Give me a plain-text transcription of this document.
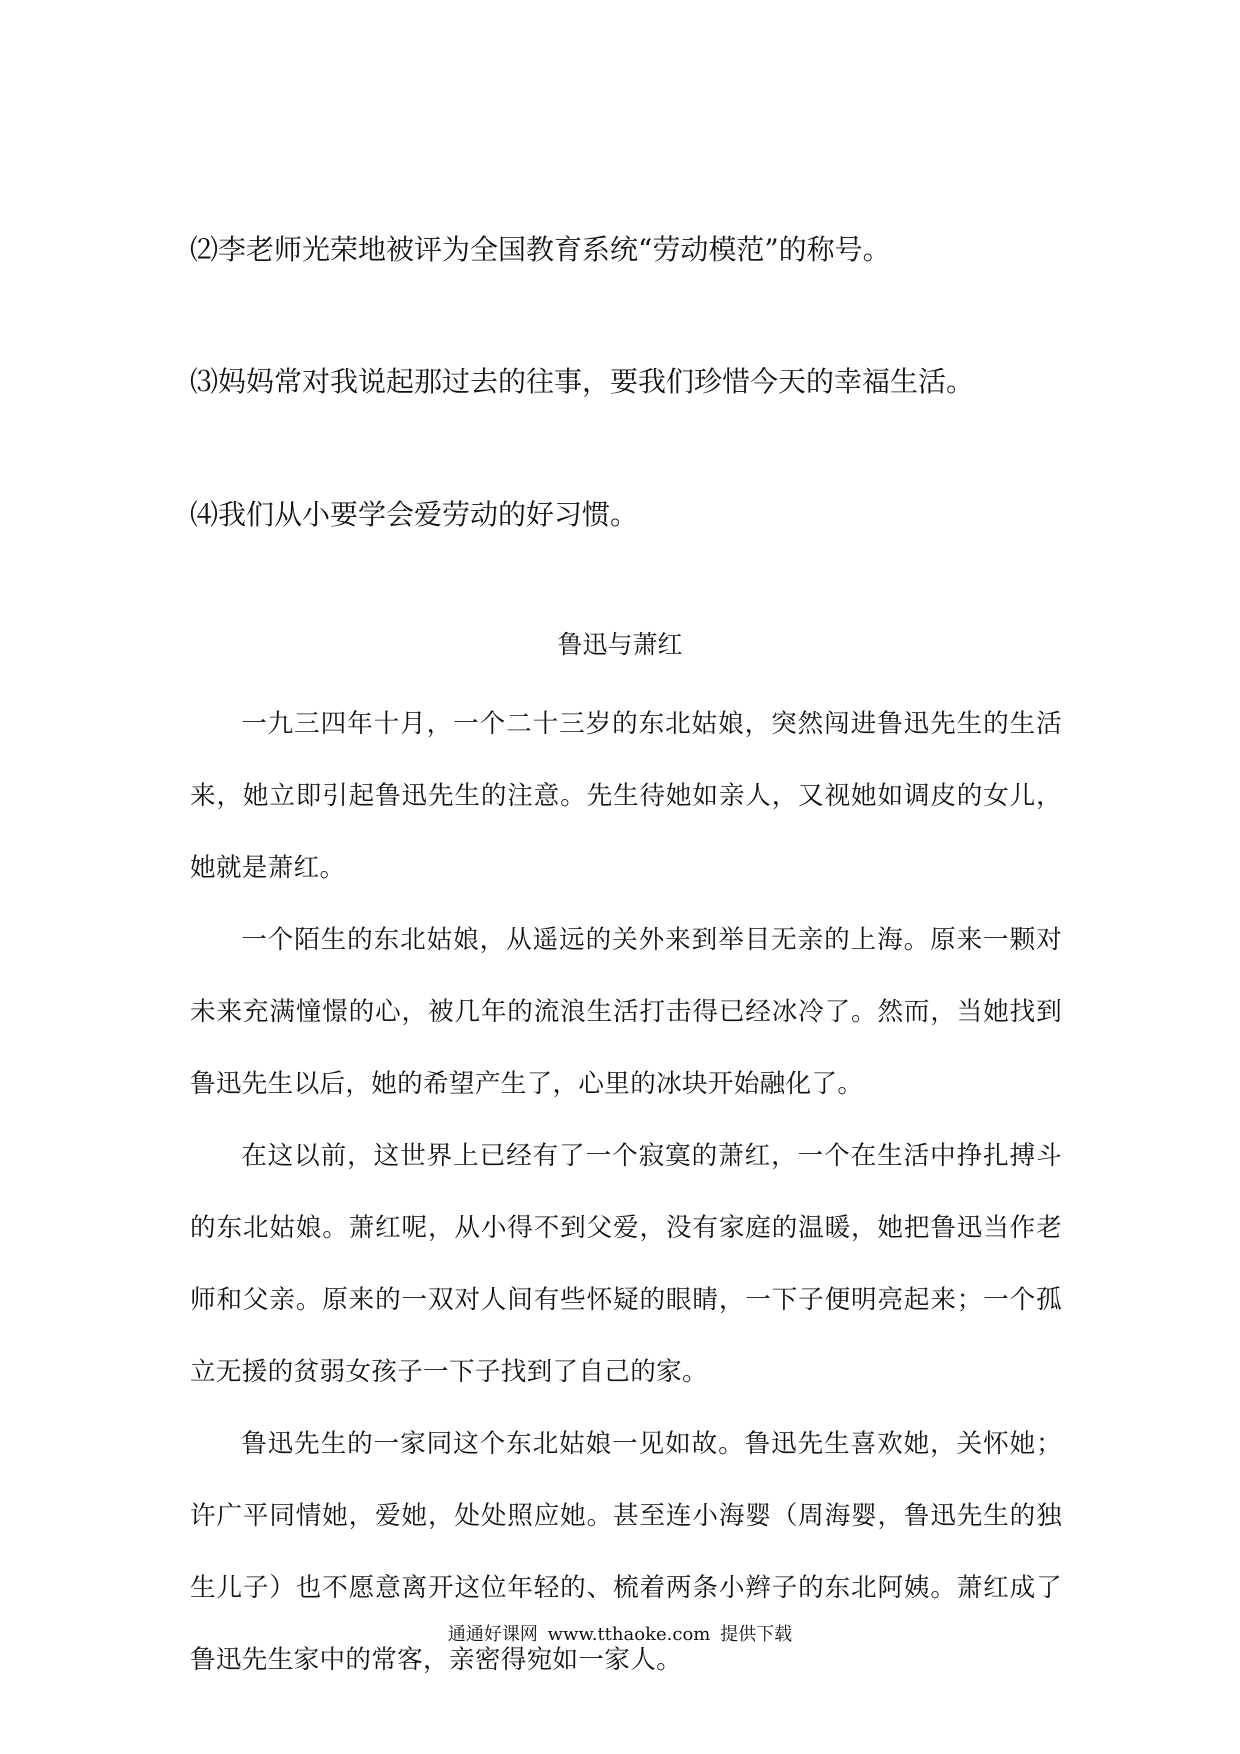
⑵李老师光荣地被评为全国教育系统“劳动模范”的称号。
⑶妈妈常对我说起那过去的往事，要我们珍惜今天的幸福生活。
⑷我们从小要学会爱劳动的好习惯。
鲁迅与萧红

一九三四年十月，一个二十三岁的东北姑娘，突然闯进鲁迅先生的生活来，她立即引起鲁迅先生的注意。先生待她如亲人，又视她如调皮的女儿，她就是萧红。

一个陌生的东北姑娘，从遥远的关外来到举目无亲的上海。原来一颗对未来充满憧憬的心，被几年的流浪生活打击得已经冰冷了。然而，当她找到鲁迅先生以后，她的希望产生了，心里的冰块开始融化了。

在这以前，这世界上已经有了一个寂寞的萧红，一个在生活中挣扎搏斗的东北姑娘。萧红呢，从小得不到父爱，没有家庭的温暖，她把鲁迅当作老师和父亲。原来的一双对人间有些怀疑的眼睛，一下子便明亮起来；一个孤立无援的贫弱女孩子一下子找到了自己的家。

鲁迅先生的一家同这个东北姑娘一见如故。鲁迅先生喜欢她，关怀她；许广平同情她，爱她，处处照应她。甚至连小海婴（周海婴，鲁迅先生的独生儿子）也不愿意离开这位年轻的、梳着两条小辫子的东北阿姨。萧红成了鲁迅先生家中的常客，亲密得宛如一家人。

通通好课网 www.tthaoke.com 提供下载
